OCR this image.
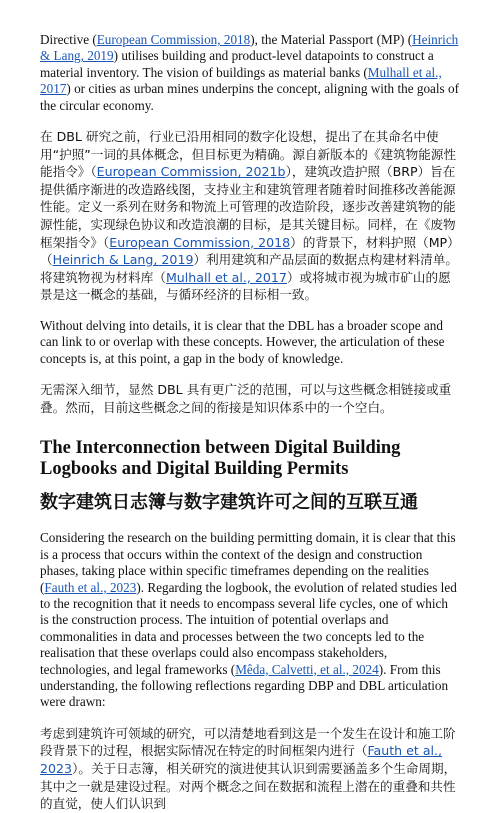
Directive (European Commission, 2018), the Material Passport (MP) (Heinrich & Lang, 2019) utilises building and product-level datapoints to construct a material inventory. The vision of buildings as material banks (Mulhall et al., 2017) or cities as urban mines underpins the concept, aligning with the goals of the circular economy.

在 DBL 研究之前，行业已沿用相同的数字化设想，提出了在其命名中使用“护照”一词的具体概念，但目标更为精确。源自新版本的《建筑物能源性能指令》（European Commission, 2021b），建筑改造护照（BRP）旨在提供循序渐进的改造路线图，支持业主和建筑管理者随着时间推移改善能源性能。定义一系列在财务和物流上可管理的改造阶段，逐步改善建筑物的能源性能，实现绿色协议和改造浪潮的目标，是其关键目标。同样，在《废物框架指令》（European Commission, 2018）的背景下，材料护照（MP）（Heinrich & Lang, 2019）利用建筑和产品层面的数据点构建材料清单。将建筑物视为材料库（Mulhall et al., 2017）或将城市视为城市矿山的愿景是这一概念的基础，与循环经济的目标相一致。

Without delving into details, it is clear that the DBL has a broader scope and can link to or overlap with these concepts. However, the articulation of these concepts is, at this point, a gap in the body of knowledge.

无需深入细节，显然 DBL 具有更广泛的范围，可以与这些概念相链接或重叠。然而，目前这些概念之间的衔接是知识体系中的一个空白。

The Interconnection between Digital Building Logbooks and Digital Building Permits
数字建筑日志簿与数字建筑许可之间的互联互通

Considering the research on the building permitting domain, it is clear that this is a process that occurs within the context of the design and construction phases, taking place within specific timeframes depending on the realities (Fauth et al., 2023). Regarding the logbook, the evolution of related studies led to the recognition that it needs to encompass several life cycles, one of which is the construction process. The intuition of potential overlaps and commonalities in data and processes between the two concepts led to the realisation that these overlaps could also encompass stakeholders, technologies, and legal frameworks (Mêda, Calvetti, et al., 2024). From this understanding, the following reflections regarding DBP and DBL articulation were drawn:

考虑到建筑许可领域的研究，可以清楚地看到这是一个发生在设计和施工阶段背景下的过程，根据实际情况在特定的时间框架内进行（Fauth et al., 2023）。关于日志簿，相关研究的演进使其认识到需要涵盖多个生命周期，其中之一就是建设过程。对两个概念之间在数据和流程上潜在的重叠和共性的直觉，使人们认识到
